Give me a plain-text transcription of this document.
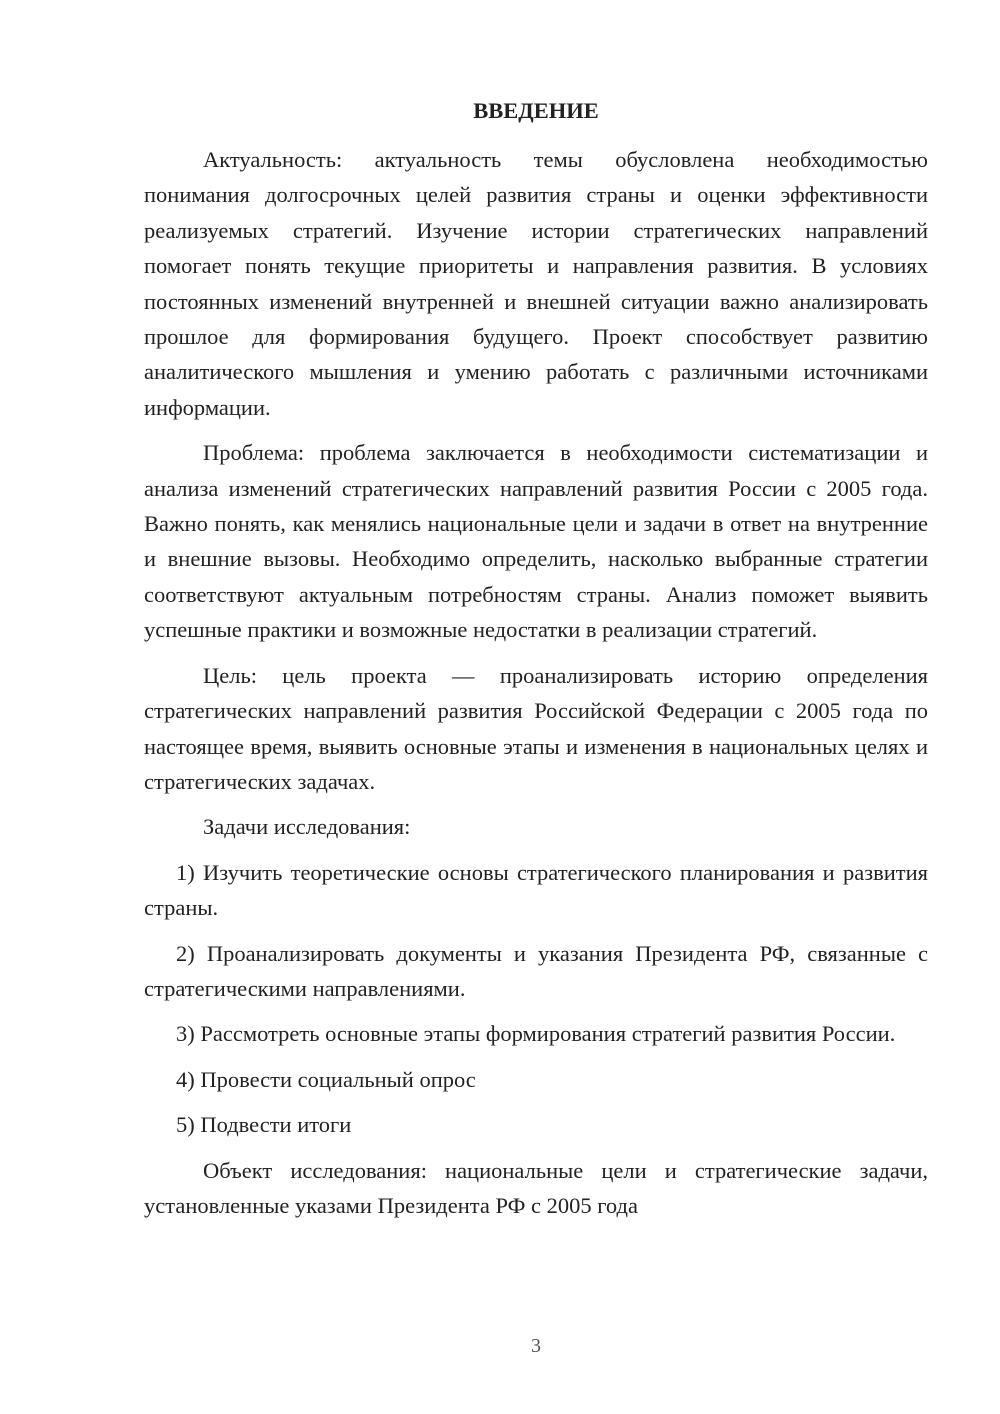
ВВЕДЕНИЕ

Актуальность: актуальность темы обусловлена необходимостью понимания долгосрочных целей развития страны и оценки эффективности реализуемых стратегий. Изучение истории стратегических направлений помогает понять текущие приоритеты и направления развития. В условиях постоянных изменений внутренней и внешней ситуации важно анализировать прошлое для формирования будущего. Проект способствует развитию аналитического мышления и умению работать с различными источниками информации.

Проблема: проблема заключается в необходимости систематизации и анализа изменений стратегических направлений развития России с 2005 года. Важно понять, как менялись национальные цели и задачи в ответ на внутренние и внешние вызовы. Необходимо определить, насколько выбранные стратегии соответствуют актуальным потребностям страны. Анализ поможет выявить успешные практики и возможные недостатки в реализации стратегий.

Цель: цель проекта — проанализировать историю определения стратегических направлений развития Российской Федерации с 2005 года по настоящее время, выявить основные этапы и изменения в национальных целях и стратегических задачах.

Задачи исследования:

1) Изучить теоретические основы стратегического планирования и развития страны.

2) Проанализировать документы и указания Президента РФ, связанные с стратегическими направлениями.

3) Рассмотреть основные этапы формирования стратегий развития России.

4) Провести социальный опрос

5) Подвести итоги

Объект исследования: национальные цели и стратегические задачи, установленные указами Президента РФ с 2005 года

3
